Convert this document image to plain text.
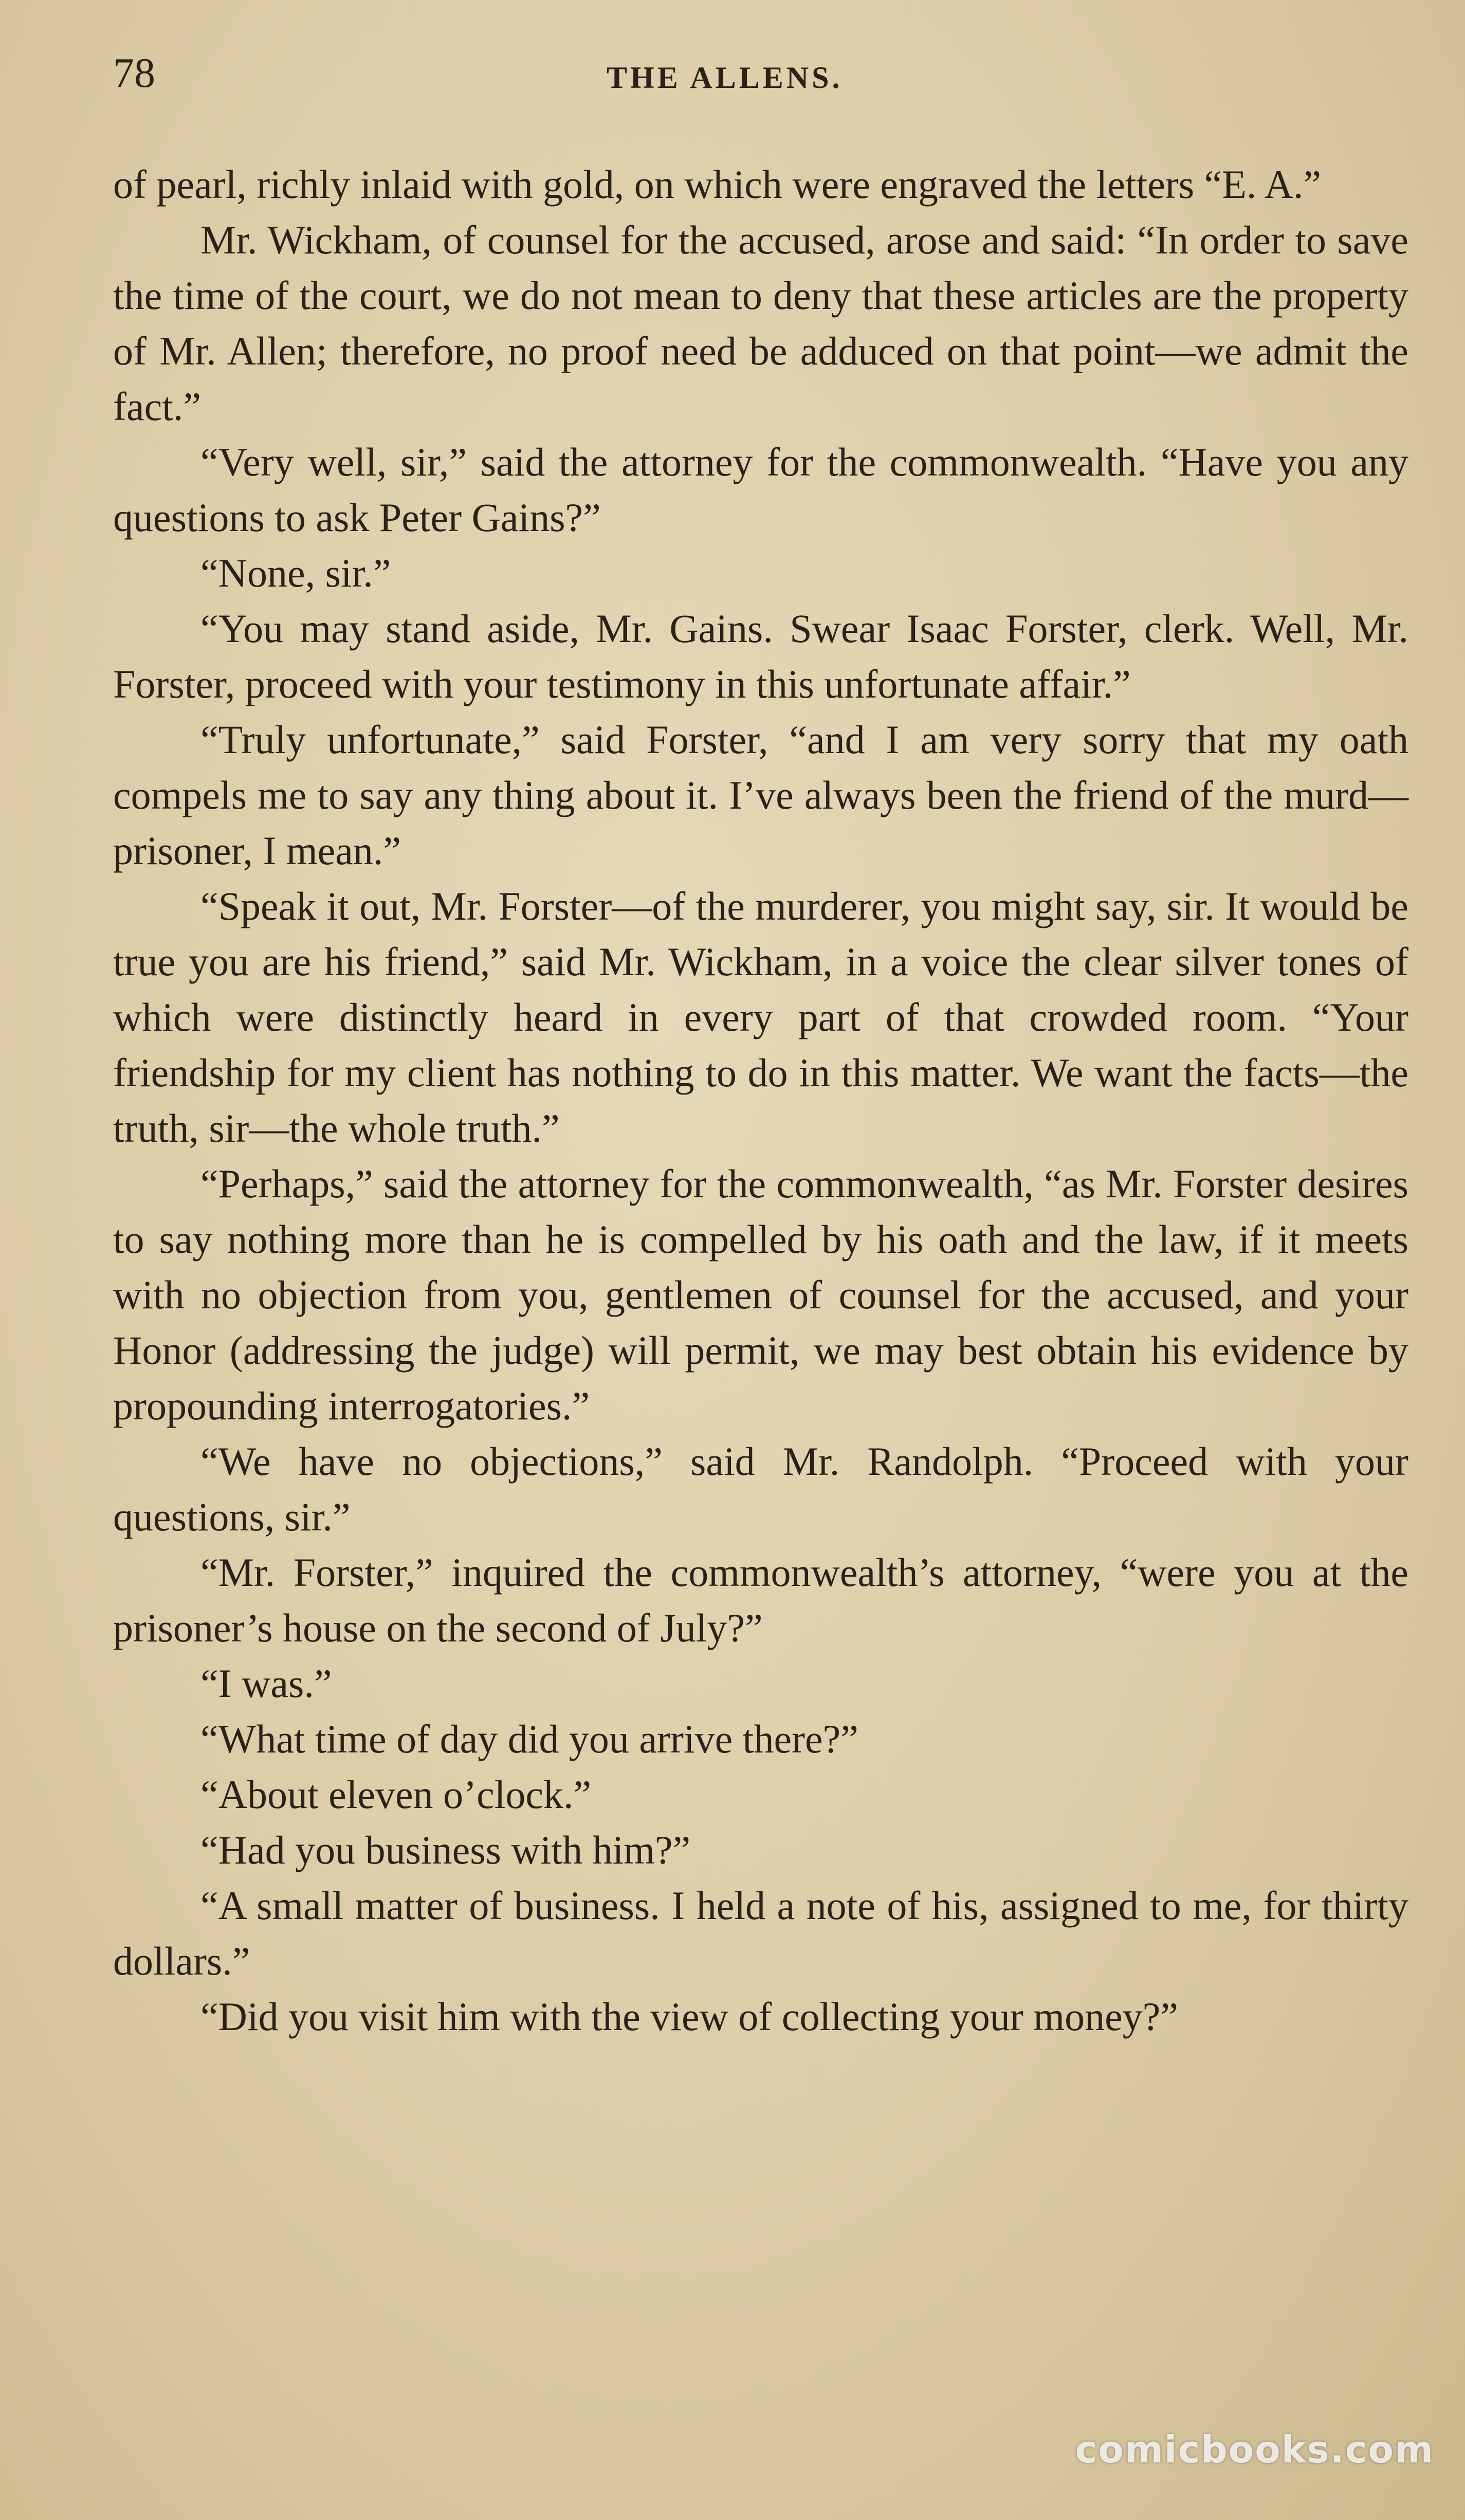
78	THE ALLENS.

of pearl, richly inlaid with gold, on which were engraved the letters “E. A.”

Mr. Wickham, of counsel for the accused, arose and said: “In order to save the time of the court, we do not mean to deny that these articles are the property of Mr. Allen; therefore, no proof need be adduced on that point—we admit the fact.”

“Very well, sir,” said the attorney for the commonwealth. “Have you any questions to ask Peter Gains?”

“None, sir.”

“You may stand aside, Mr. Gains. Swear Isaac Forster, clerk. Well, Mr. Forster, proceed with your testimony in this unfortunate affair.”

“Truly unfortunate,” said Forster, “and I am very sorry that my oath compels me to say any thing about it. I’ve always been the friend of the murd—prisoner, I mean.”

“Speak it out, Mr. Forster—of the murderer, you might say, sir. It would be true you are his friend,” said Mr. Wickham, in a voice the clear silver tones of which were distinctly heard in every part of that crowded room. “Your friendship for my client has nothing to do in this matter. We want the facts—the truth, sir—the whole truth.”

“Perhaps,” said the attorney for the commonwealth, “as Mr. Forster desires to say nothing more than he is compelled by his oath and the law, if it meets with no objection from you, gentlemen of counsel for the accused, and your Honor (addressing the judge) will permit, we may best obtain his evidence by propounding interrogatories.”

“We have no objections,” said Mr. Randolph. “Proceed with your questions, sir.”

“Mr. Forster,” inquired the commonwealth’s attorney, “were you at the prisoner’s house on the second of July?”

“I was.”

“What time of day did you arrive there?”

“About eleven o’clock.”

“Had you business with him?”

“A small matter of business. I held a note of his, assigned to me, for thirty dollars.”

“Did you visit him with the view of collecting your money?”

comicbooks.com
